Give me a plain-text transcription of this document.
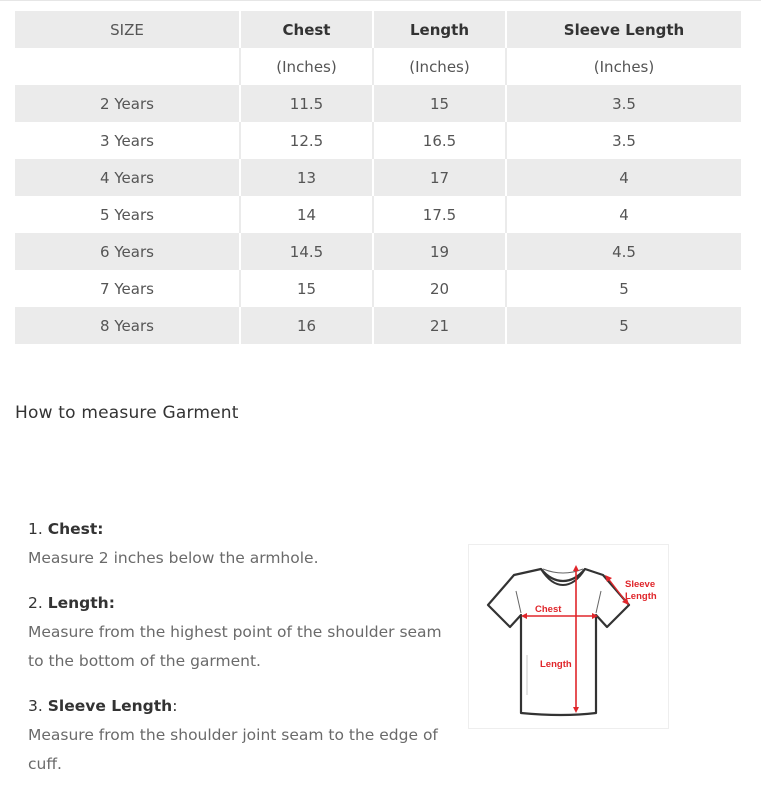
SIZE	Chest	Length	Sleeve Length
	(Inches)	(Inches)	(Inches)
2 Years	11.5	15	3.5
3 Years	12.5	16.5	3.5
4 Years	13	17	4
5 Years	14	17.5	4
6 Years	14.5	19	4.5
7 Years	15	20	5
8 Years	16	21	5
How to measure Garment
1. Chest:
Measure 2 inches below the armhole.
2. Length:
Measure from the highest point of the shoulder seam to the bottom of the garment.
3. Sleeve Length:
Measure from the shoulder joint seam to the edge of cuff.
Chest
Length
Sleeve
Length
